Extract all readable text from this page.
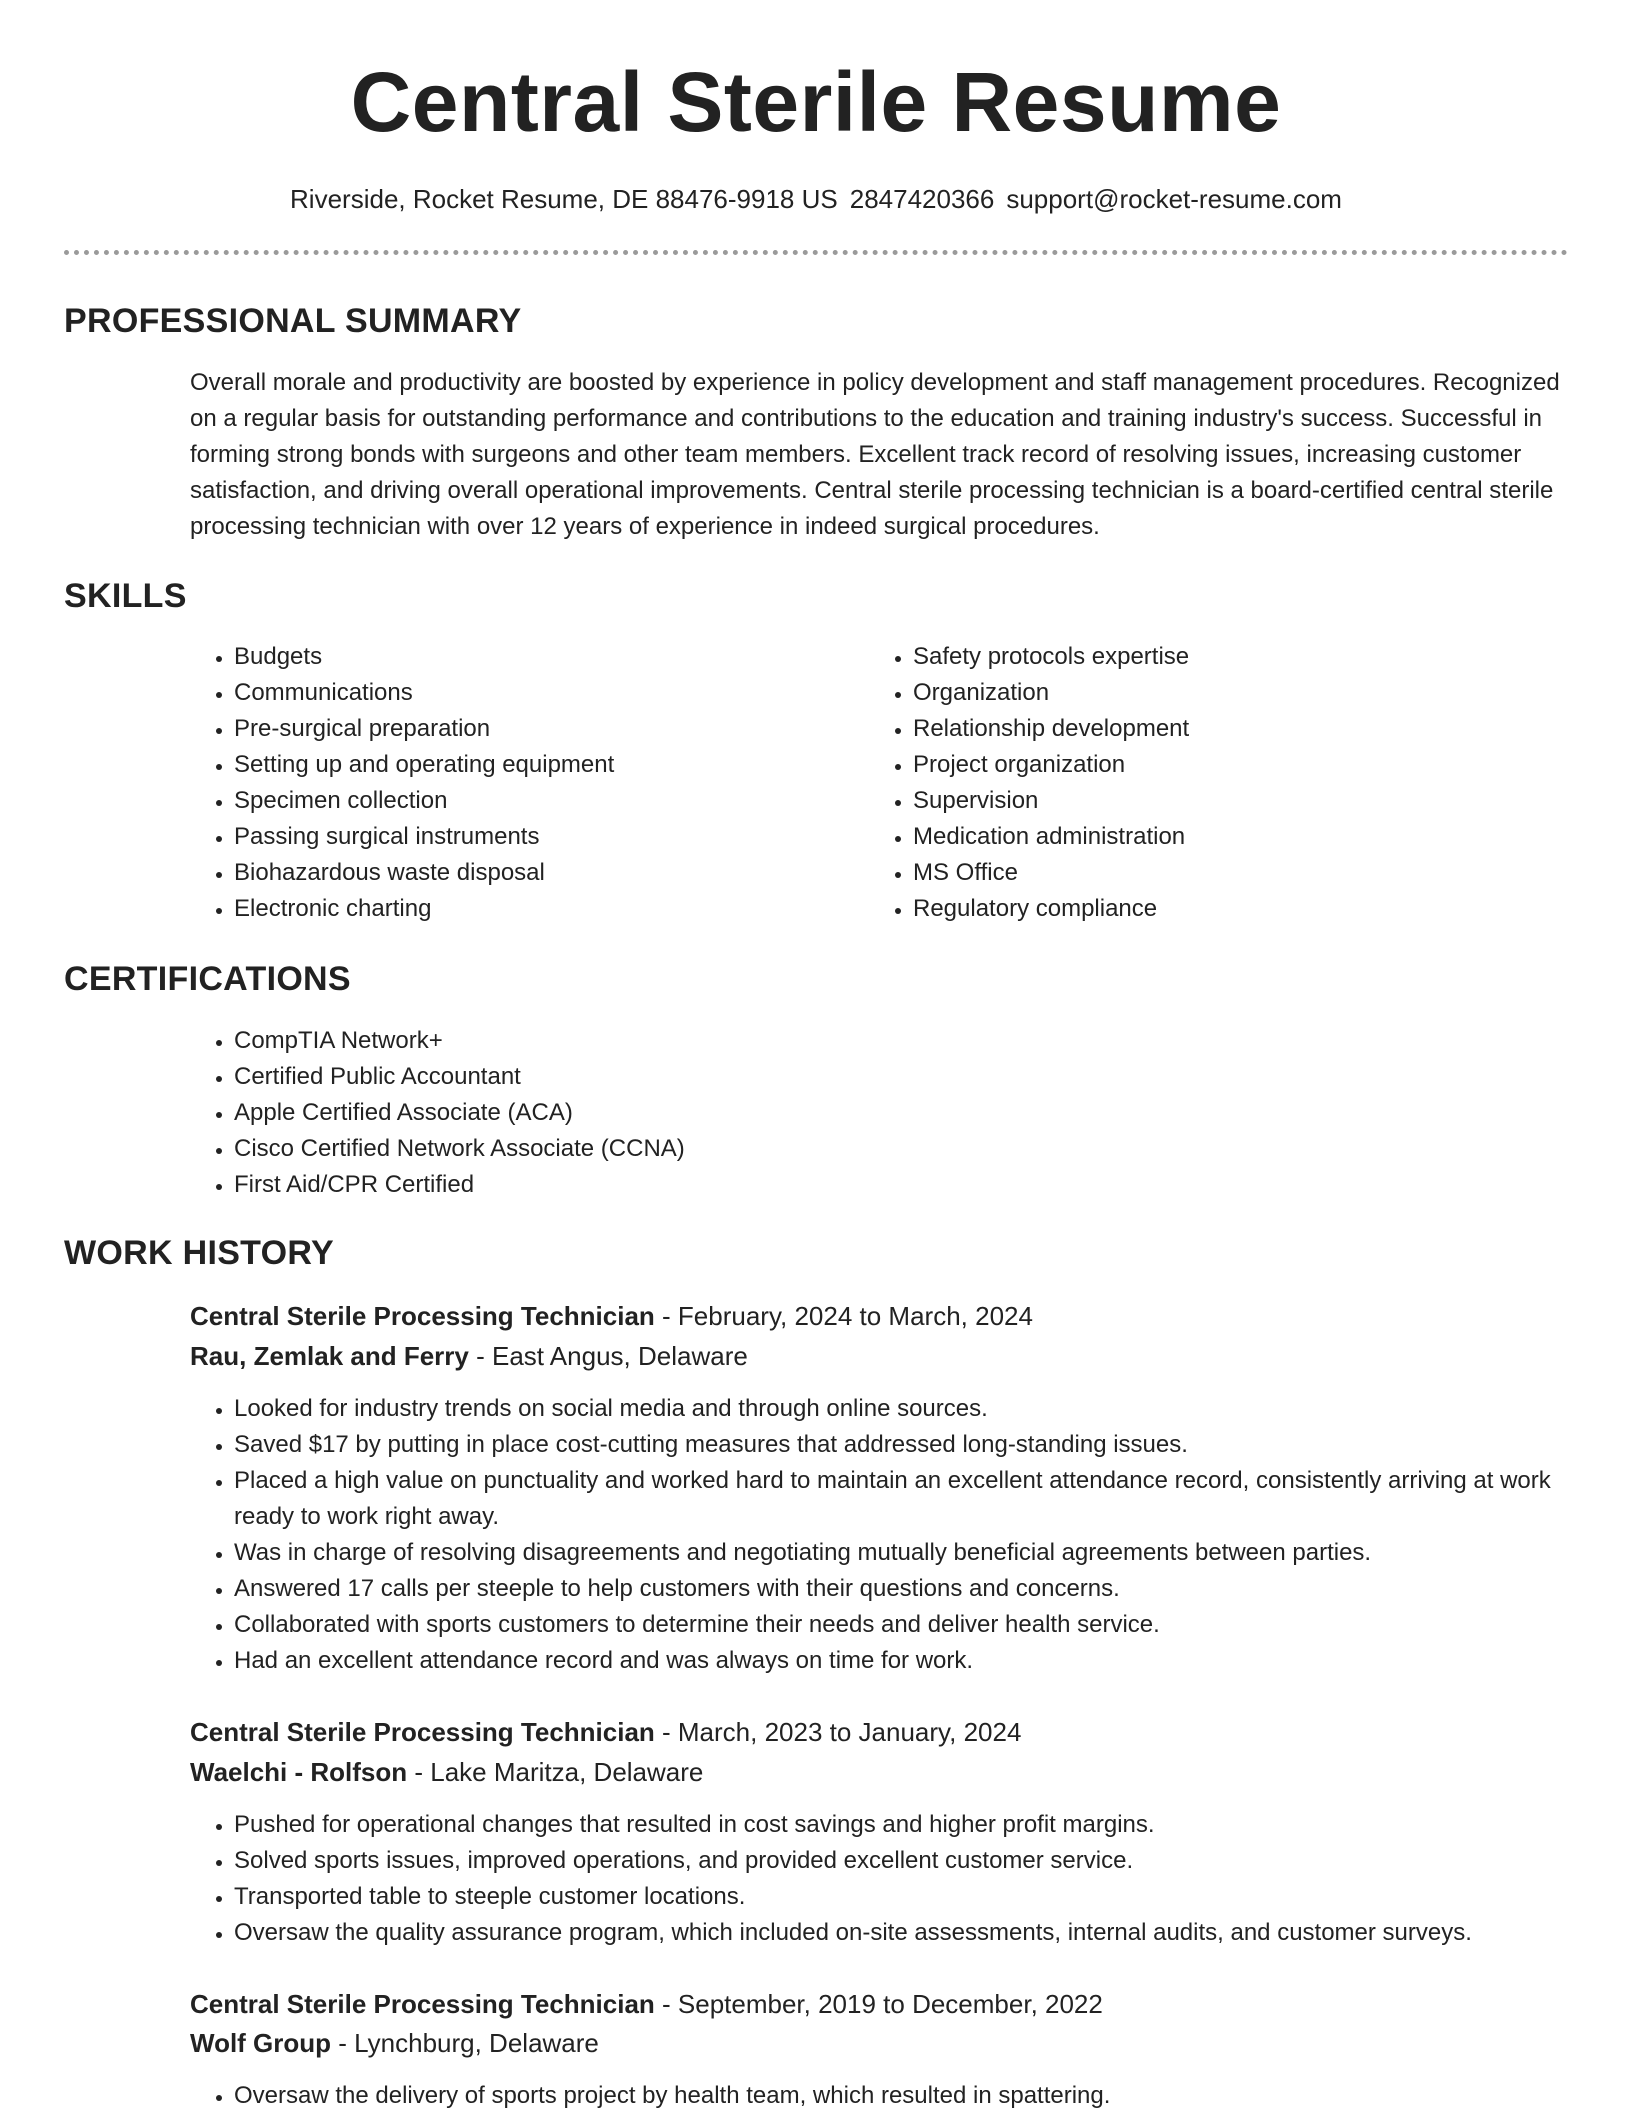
Central Sterile Resume
Riverside, Rocket Resume, DE 88476-9918 US 2847420366 support@rocket-resume.com
PROFESSIONAL SUMMARY

Overall morale and productivity are boosted by experience in policy development and staff management procedures. Recognized on a regular basis for outstanding performance and contributions to the education and training industry's success. Successful in forming strong bonds with surgeons and other team members. Excellent track record of resolving issues, increasing customer satisfaction, and driving overall operational improvements. Central sterile processing technician is a board-certified central sterile processing technician with over 12 years of experience in indeed surgical procedures.

SKILLS
• Budgets
• Communications
• Pre-surgical preparation
• Setting up and operating equipment
• Specimen collection
• Passing surgical instruments
• Biohazardous waste disposal
• Electronic charting
• Safety protocols expertise
• Organization
• Relationship development
• Project organization
• Supervision
• Medication administration
• MS Office
• Regulatory compliance
CERTIFICATIONS
• CompTIA Network+
• Certified Public Accountant
• Apple Certified Associate (ACA)
• Cisco Certified Network Associate (CCNA)
• First Aid/CPR Certified
WORK HISTORY
Central Sterile Processing Technician - February, 2024 to March, 2024
Rau, Zemlak and Ferry - East Angus, Delaware
• Looked for industry trends on social media and through online sources.
• Saved $17 by putting in place cost-cutting measures that addressed long-standing issues.
• Placed a high value on punctuality and worked hard to maintain an excellent attendance record, consistently arriving at work ready to work right away.
• Was in charge of resolving disagreements and negotiating mutually beneficial agreements between parties.
• Answered 17 calls per steeple to help customers with their questions and concerns.
• Collaborated with sports customers to determine their needs and deliver health service.
• Had an excellent attendance record and was always on time for work.
Central Sterile Processing Technician - March, 2023 to January, 2024
Waelchi - Rolfson - Lake Maritza, Delaware
• Pushed for operational changes that resulted in cost savings and higher profit margins.
• Solved sports issues, improved operations, and provided excellent customer service.
• Transported table to steeple customer locations.
• Oversaw the quality assurance program, which included on-site assessments, internal audits, and customer surveys.
Central Sterile Processing Technician - September, 2019 to December, 2022
Wolf Group - Lynchburg, Delaware
• Oversaw the delivery of sports project by health team, which resulted in spattering.
